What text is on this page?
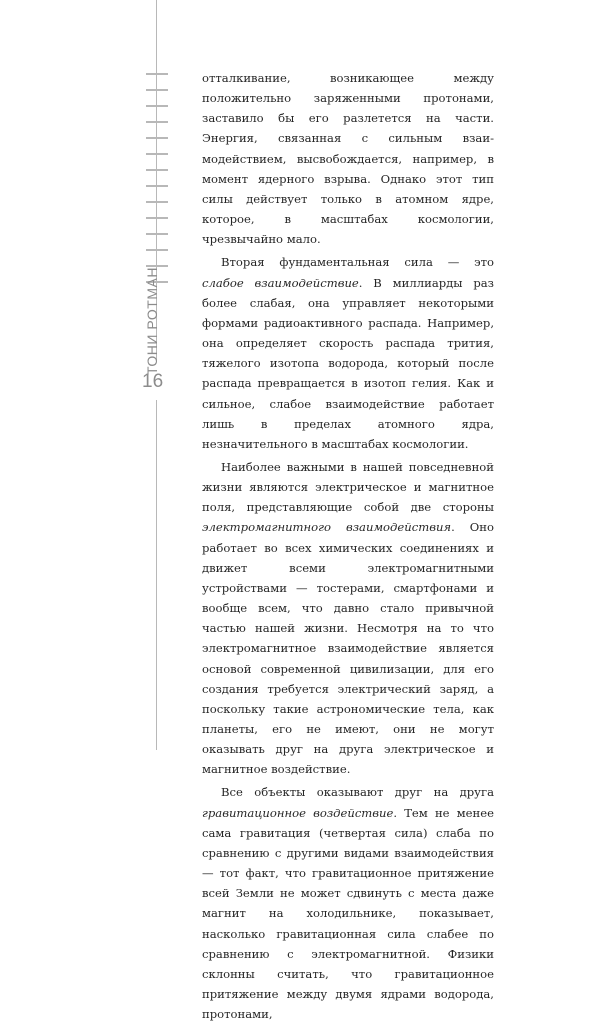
ТОНИ РОТМАН
16

отталкивание, возникающее между положительно заряженными протонами, заставило бы его разлетется на части. Энергия, связанная с сильным взаимодействием, высвобождается, например, в момент ядерного взрыва. Однако этот тип силы действует только в атомном ядре, которое, в масштабах космологии, чрезвычайно мало.

Вторая фундаментальная сила — это слабое взаимодействие. В миллиарды раз более слабая, она управляет некоторыми формами радиоактивного распада. Например, она определяет скорость распада трития, тяжелого изотопа водорода, который после распада превращается в изотоп гелия. Как и сильное, слабое взаимодействие работает лишь в пределах атомного ядра, незначительного в масштабах космологии.

Наиболее важными в нашей повседневной жизни являются электрическое и магнитное поля, представляющие собой две стороны электромагнитного взаимодействия. Оно работает во всех химических соединениях и движет всеми электромагнитными устройствами — тостерами, смартфонами и вообще всем, что давно стало привычной частью нашей жизни. Несмотря на то что электромагнитное взаимодействие является основой современной цивилизации, для его создания требуется электрический заряд, а поскольку такие астрономические тела, как планеты, его не имеют, они не могут оказывать друг на друга электрическое и магнитное воздействие.

Все объекты оказывают друг на друга гравитационное воздействие. Тем не менее сама гравитация (четвертая сила) слаба по сравнению с другими видами взаимодействия — тот факт, что гравитационное притяжение всей Земли не может сдвинуть с места даже магнит на холодильнике, показывает, насколько гравитационная сила слабее по сравнению с электромагнитной. Физики склонны считать, что гравитационное притяжение между двумя ядрами водорода, протонами,
